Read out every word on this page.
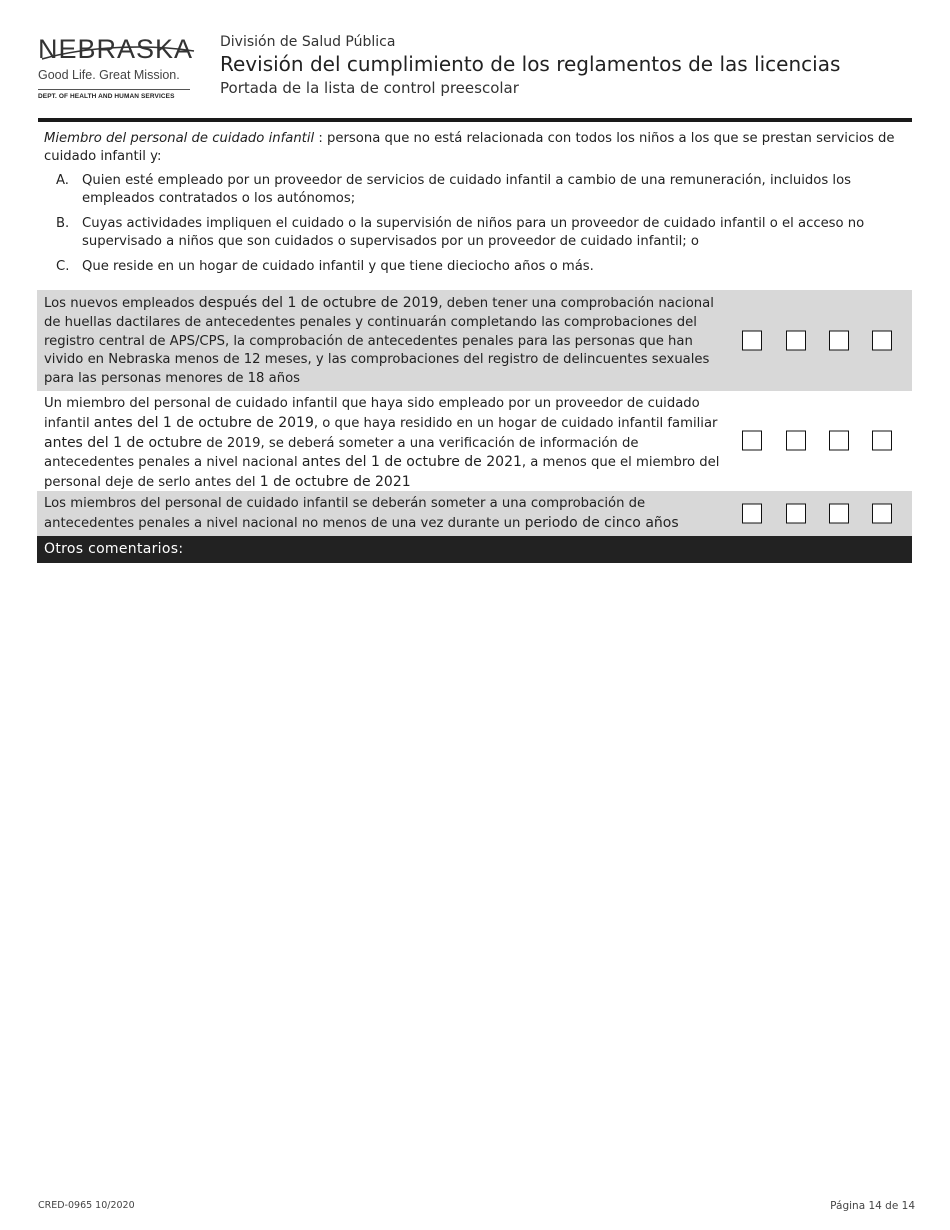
NEBRASKA
Good Life. Great Mission.
DEPT. OF HEALTH AND HUMAN SERVICES
División de Salud Pública
Revisión del cumplimiento de los reglamentos de las licencias
Portada de la lista de control preescolar

Miembro del personal de cuidado infantil : persona que no está relacionada con todos los niños a los que se prestan servicios de cuidado infantil y:

A. Quien esté empleado por un proveedor de servicios de cuidado infantil a cambio de una remuneración, incluidos los empleados contratados o los autónomos;
B. Cuyas actividades impliquen el cuidado o la supervisión de niños para un proveedor de cuidado infantil o el acceso no supervisado a niños que son cuidados o supervisados por un proveedor de cuidado infantil; o
C. Que reside en un hogar de cuidado infantil y que tiene dieciocho años o más.
Los nuevos empleados después del 1 de octubre de 2019, deben tener una comprobación nacional de huellas dactilares de antecedentes penales y continuarán completando las comprobaciones del registro central de APS/CPS, la comprobación de antecedentes penales para las personas que han vivido en Nebraska menos de 12 meses, y las comprobaciones del registro de delincuentes sexuales para las personas menores de 18 años
Un miembro del personal de cuidado infantil que haya sido empleado por un proveedor de cuidado infantil antes del 1 de octubre de 2019, o que haya residido en un hogar de cuidado infantil familiar antes del 1 de octubre de 2019, se deberá someter a una verificación de información de antecedentes penales a nivel nacional antes del 1 de octubre de 2021, a menos que el miembro del personal deje de serlo antes del 1 de octubre de 2021
Los miembros del personal de cuidado infantil se deberán someter a una comprobación de antecedentes penales a nivel nacional no menos de una vez durante un periodo de cinco años
Otros comentarios:
CRED-0965 10/2020	Página 14 de 14
